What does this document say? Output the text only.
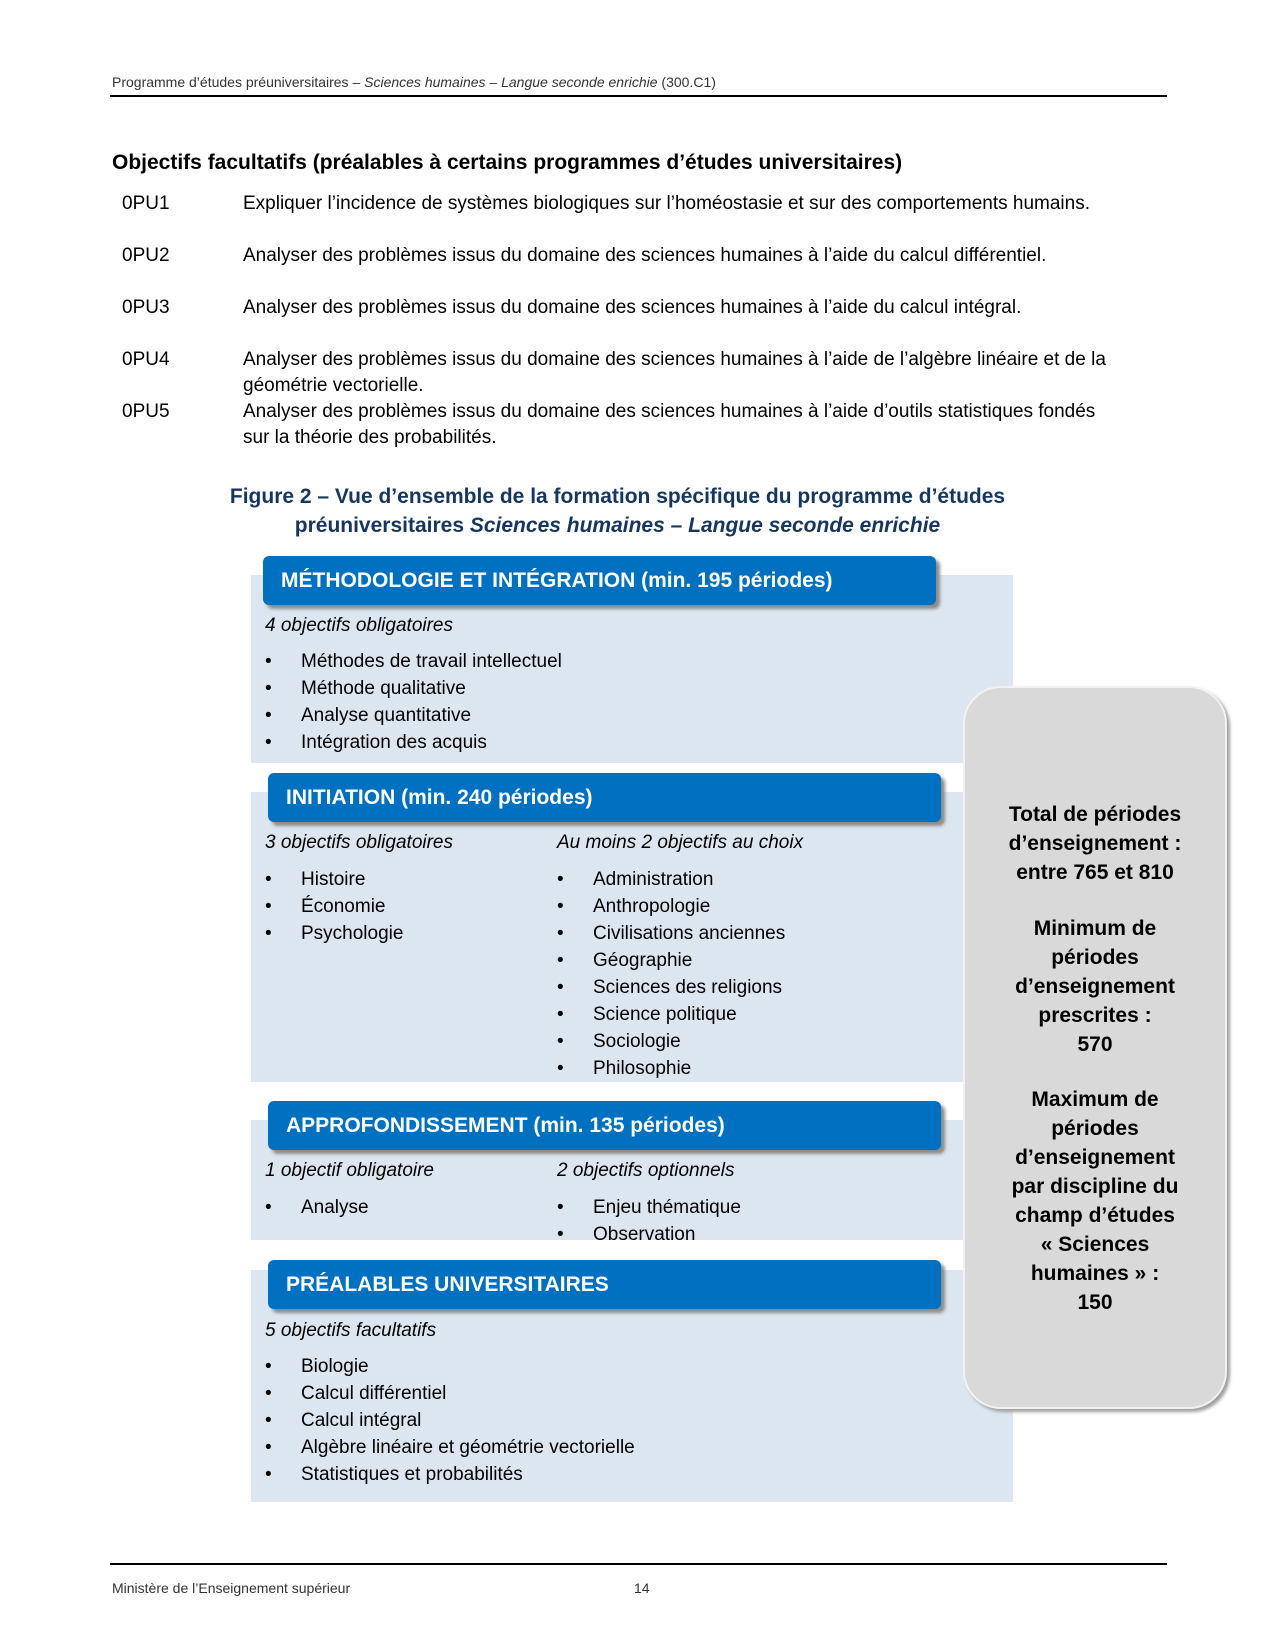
Programme d’études préuniversitaires – Sciences humaines – Langue seconde enrichie (300.C1)
Objectifs facultatifs (préalables à certains programmes d’études universitaires)
0PU1	Expliquer l’incidence de systèmes biologiques sur l’homéostasie et sur des comportements humains.
0PU2	Analyser des problèmes issus du domaine des sciences humaines à l’aide du calcul différentiel.
0PU3	Analyser des problèmes issus du domaine des sciences humaines à l’aide du calcul intégral.
0PU4	Analyser des problèmes issus du domaine des sciences humaines à l’aide de l’algèbre linéaire et de la géométrie vectorielle.
0PU5	Analyser des problèmes issus du domaine des sciences humaines à l’aide d’outils statistiques fondés sur la théorie des probabilités.
Figure 2 – Vue d’ensemble de la formation spécifique du programme d’études
préuniversitaires Sciences humaines – Langue seconde enrichie
Total de périodes
d’enseignement :
entre 765 et 810
Minimum de
périodes
d’enseignement
prescrites :
570
Maximum de
périodes
d’enseignement
par discipline du
champ d’études
« Sciences
humaines » :
150
MÉTHODOLOGIE ET INTÉGRATION (min. 195 périodes)
4 objectifs obligatoires
• Méthodes de travail intellectuel
• Méthode qualitative
• Analyse quantitative
• Intégration des acquis
INITIATION (min. 240 périodes)
3 objectifs obligatoires	Au moins 2 objectifs au choix
• Histoire
• Économie
• Psychologie
• Administration
• Anthropologie
• Civilisations anciennes
• Géographie
• Sciences des religions
• Science politique
• Sociologie
• Philosophie
APPROFONDISSEMENT (min. 135 périodes)
1 objectif obligatoire	2 objectifs optionnels
• Analyse	• Enjeu thématique
• Observation
PRÉALABLES UNIVERSITAIRES
5 objectifs facultatifs
• Biologie
• Calcul différentiel
• Calcul intégral
• Algèbre linéaire et géométrie vectorielle
• Statistiques et probabilités
Ministère de l’Enseignement supérieur	14
